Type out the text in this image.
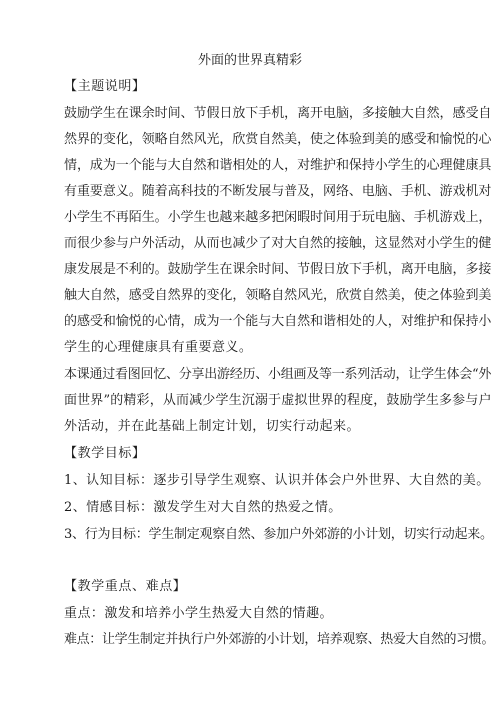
外面的世界真精彩
【主题说明】
鼓励学生在课余时间、节假日放下手机，离开电脑，多接触大自然，感受自
然界的变化，领略自然风光，欣赏自然美，使之体验到美的感受和愉悦的心
情，成为一个能与大自然和谐相处的人，对维护和保持小学生的心理健康具
有重要意义。随着高科技的不断发展与普及，网络、电脑、手机、游戏机对
小学生不再陌生。小学生也越来越多把闲暇时间用于玩电脑、手机游戏上，
而很少参与户外活动，从而也减少了对大自然的接触，这显然对小学生的健
康发展是不利的。鼓励学生在课余时间、节假日放下手机，离开电脑，多接
触大自然，感受自然界的变化，领略自然风光，欣赏自然美，使之体验到美
的感受和愉悦的心情，成为一个能与大自然和谐相处的人，对维护和保持小
学生的心理健康具有重要意义。
本课通过看图回忆、分享出游经历、小组画及等一系列活动，让学生体会“外
面世界”的精彩，从而减少学生沉溺于虚拟世界的程度，鼓励学生多参与户
外活动，并在此基础上制定计划，切实行动起来。
【教学目标】
1、认知目标：逐步引导学生观察、认识并体会户外世界、大自然的美。
2、情感目标：激发学生对大自然的热爱之情。
3、行为目标：学生制定观察自然、参加户外郊游的小计划，切实行动起来。
【教学重点、难点】
重点：激发和培养小学生热爱大自然的情趣。
难点：让学生制定并执行户外郊游的小计划，培养观察、热爱大自然的习惯。
